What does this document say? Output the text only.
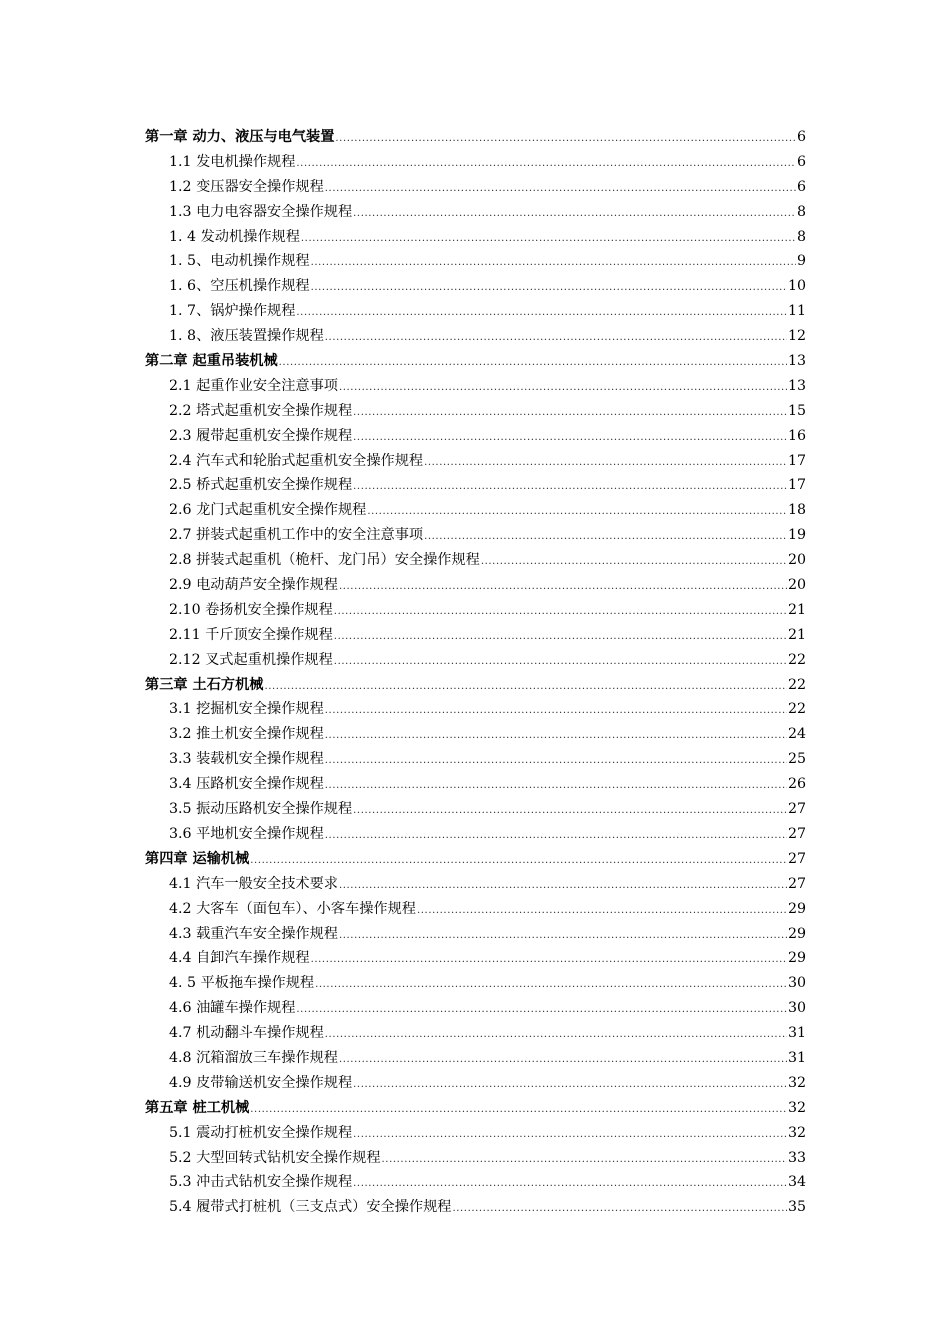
第一章 动力、液压与电气装置 .....	6
1.1 发电机操作规程 .....	6
1.2 变压器安全操作规程 .....	6
1.3 电力电容器安全操作规程 .....	8
1. 4 发动机操作规程 .....	8
1. 5、电动机操作规程 .....	9
1. 6、空压机操作规程 .....	10
1. 7、锅炉操作规程 .....	11
1. 8、液压装置操作规程 .....	12
第二章 起重吊装机械 .....	13
2.1 起重作业安全注意事项 .....	13
2.2 塔式起重机安全操作规程 .....	15
2.3 履带起重机安全操作规程 .....	16
2.4 汽车式和轮胎式起重机安全操作规程 .....	17
2.5 桥式起重机安全操作规程 .....	17
2.6 龙门式起重机安全操作规程 .....	18
2.7 拼装式起重机工作中的安全注意事项 .....	19
2.8 拼装式起重机（桅杆、龙门吊）安全操作规程 .....	20
2.9 电动葫芦安全操作规程 .....	20
2.10 卷扬机安全操作规程 .....	21
2.11 千斤顶安全操作规程 .....	21
2.12 叉式起重机操作规程 .....	22
第三章 土石方机械 .....	22
3.1 挖掘机安全操作规程 .....	22
3.2 推土机安全操作规程 .....	24
3.3 装载机安全操作规程 .....	25
3.4 压路机安全操作规程 .....	26
3.5 振动压路机安全操作规程 .....	27
3.6 平地机安全操作规程 .....	27
第四章 运输机械 .....	27
4.1 汽车一般安全技术要求 .....	27
4.2 大客车（面包车）、小客车操作规程 .....	29
4.3 载重汽车安全操作规程 .....	29
4.4 自卸汽车操作规程 .....	29
4. 5 平板拖车操作规程 .....	30
4.6 油罐车操作规程 .....	30
4.7 机动翻斗车操作规程 .....	31
4.8 沉箱溜放三车操作规程 .....	31
4.9 皮带输送机安全操作规程 .....	32
第五章 桩工机械 .....	32
5.1 震动打桩机安全操作规程 .....	32
5.2 大型回转式钻机安全操作规程 .....	33
5.3 冲击式钻机安全操作规程 .....	34
5.4 履带式打桩机（三支点式）安全操作规程 .....	35
